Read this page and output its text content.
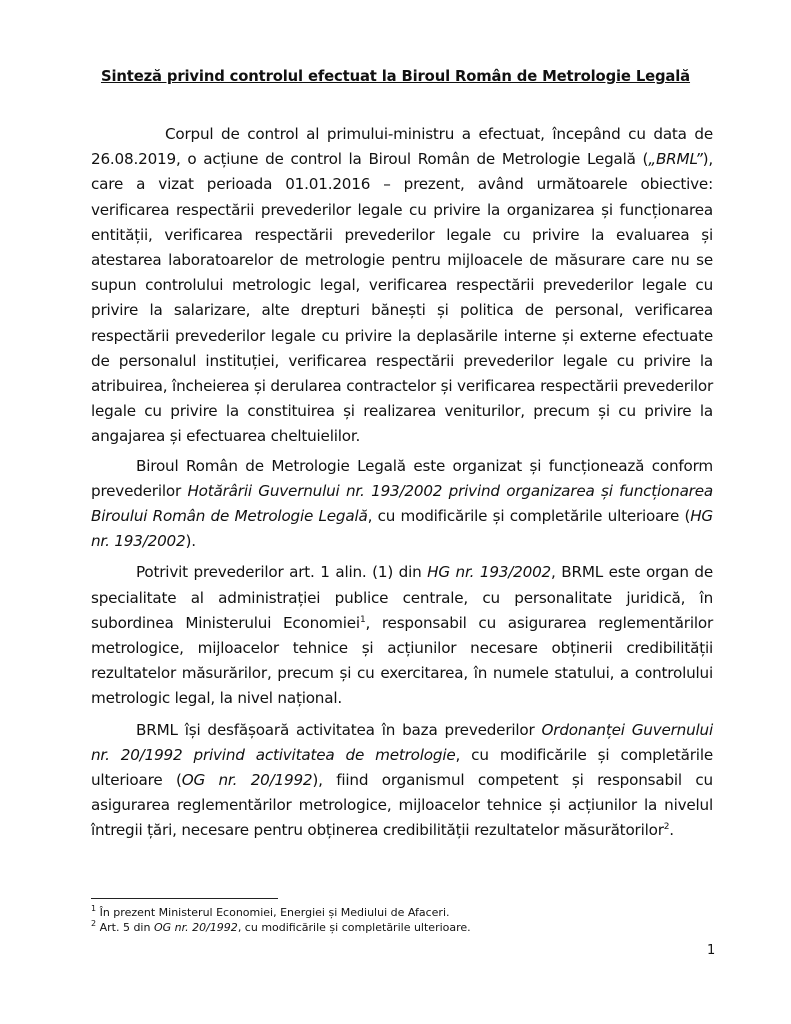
Sinteză privind controlul efectuat la Biroul Român de Metrologie Legală

Corpul de control al primului-ministru a efectuat, începând cu data de 26.08.2019, o acțiune de control la Biroul Român de Metrologie Legală („BRML”), care a vizat perioada 01.01.2016 – prezent, având următoarele obiective: verificarea respectării prevederilor legale cu privire la organizarea și funcționarea entității, verificarea respectării prevederilor legale cu privire la evaluarea și atestarea laboratoarelor de metrologie pentru mijloacele de măsurare care nu se supun controlului metrologic legal, verificarea respectării prevederilor legale cu privire la salarizare, alte drepturi bănești și politica de personal, verificarea respectării prevederilor legale cu privire la deplasările interne și externe efectuate de personalul instituției, verificarea respectării prevederilor legale cu privire la atribuirea, încheierea și derularea contractelor și verificarea respectării prevederilor legale cu privire la constituirea și realizarea veniturilor, precum și cu privire la angajarea și efectuarea cheltuielilor.

Biroul Român de Metrologie Legală este organizat și funcționează conform prevederilor Hotărârii Guvernului nr. 193/2002 privind organizarea și funcționarea Biroului Român de Metrologie Legală, cu modificările și completările ulterioare (HG nr. 193/2002).

Potrivit prevederilor art. 1 alin. (1) din HG nr. 193/2002, BRML este organ de specialitate al administrației publice centrale, cu personalitate juridică, în subordinea Ministerului Economiei$^1$, responsabil cu asigurarea reglementărilor metrologice, mijloacelor tehnice și acțiunilor necesare obținerii credibilității rezultatelor măsurărilor, precum și cu exercitarea, în numele statului, a controlului metrologic legal, la nivel național.

BRML își desfășoară activitatea în baza prevederilor Ordonanței Guvernului nr. 20/1992 privind activitatea de metrologie, cu modificările și completările ulterioare (OG nr. 20/1992), fiind organismul competent și responsabil cu asigurarea reglementărilor metrologice, mijloacelor tehnice și acțiunilor la nivelul întregii țări, necesare pentru obținerea credibilității rezultatelor măsurătorilor$^2$.

$^1$ În prezent Ministerul Economiei, Energiei și Mediului de Afaceri.

$^2$ Art. 5 din OG nr. 20/1992, cu modificările și completările ulterioare.

1
